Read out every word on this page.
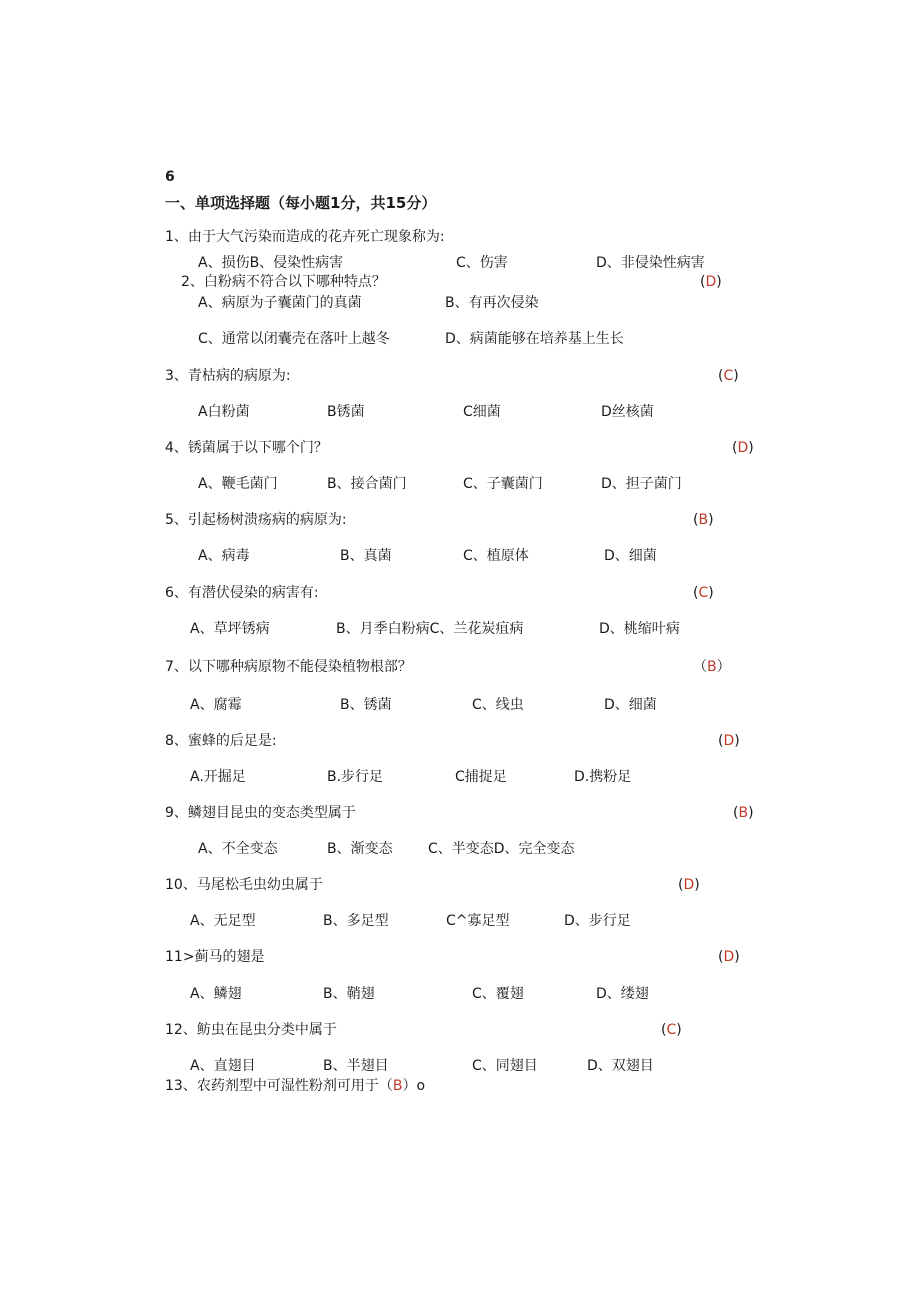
6
一、单项选择题（每小题1分，共15分）
1、由于大气污染而造成的花卉死亡现象称为:
A、损伤B、侵染性病害	C、伤害	D、非侵染性病害
2、白粉病不符合以下哪种特点？	(D)
A、病原为子囊菌门的真菌	B、有再次侵染
C、通常以闭囊壳在落叶上越冬	D、病菌能够在培养基上生长
3、青枯病的病原为:	(C)
A白粉菌	B锈菌	C细菌	D丝核菌
4、锈菌属于以下哪个门？	(D)
A、鞭毛菌门	B、接合菌门	C、子囊菌门	D、担子菌门
5、引起杨树溃疡病的病原为:	(B)
A、病毒	B、真菌	C、植原体	D、细菌
6、有潜伏侵染的病害有:	(C)
A、草坪锈病	B、月季白粉病C、兰花炭疽病	D、桃缩叶病
7、以下哪种病原物不能侵染植物根部？	（B）
A、腐霉	B、锈菌	C、线虫	D、细菌
8、蜜蜂的后足是:	(D)
A.开掘足	B.步行足	C捕捉足	D.携粉足
9、鳞翅目昆虫的变态类型属于	(B)
A、不全变态	B、渐变态	C、半变态D、完全变态
10、马尾松毛虫幼虫属于	(D)
A、无足型	B、多足型	C^寡足型	D、步行足
11>蓟马的翅是	(D)
A、鳞翅	B、鞘翅	C、覆翅	D、缕翅
12、鲂虫在昆虫分类中属于	(C)
A、直翅目	B、半翅目	C、同翅目	D、双翅目
13、农药剂型中可湿性粉剂可用于（B）o
